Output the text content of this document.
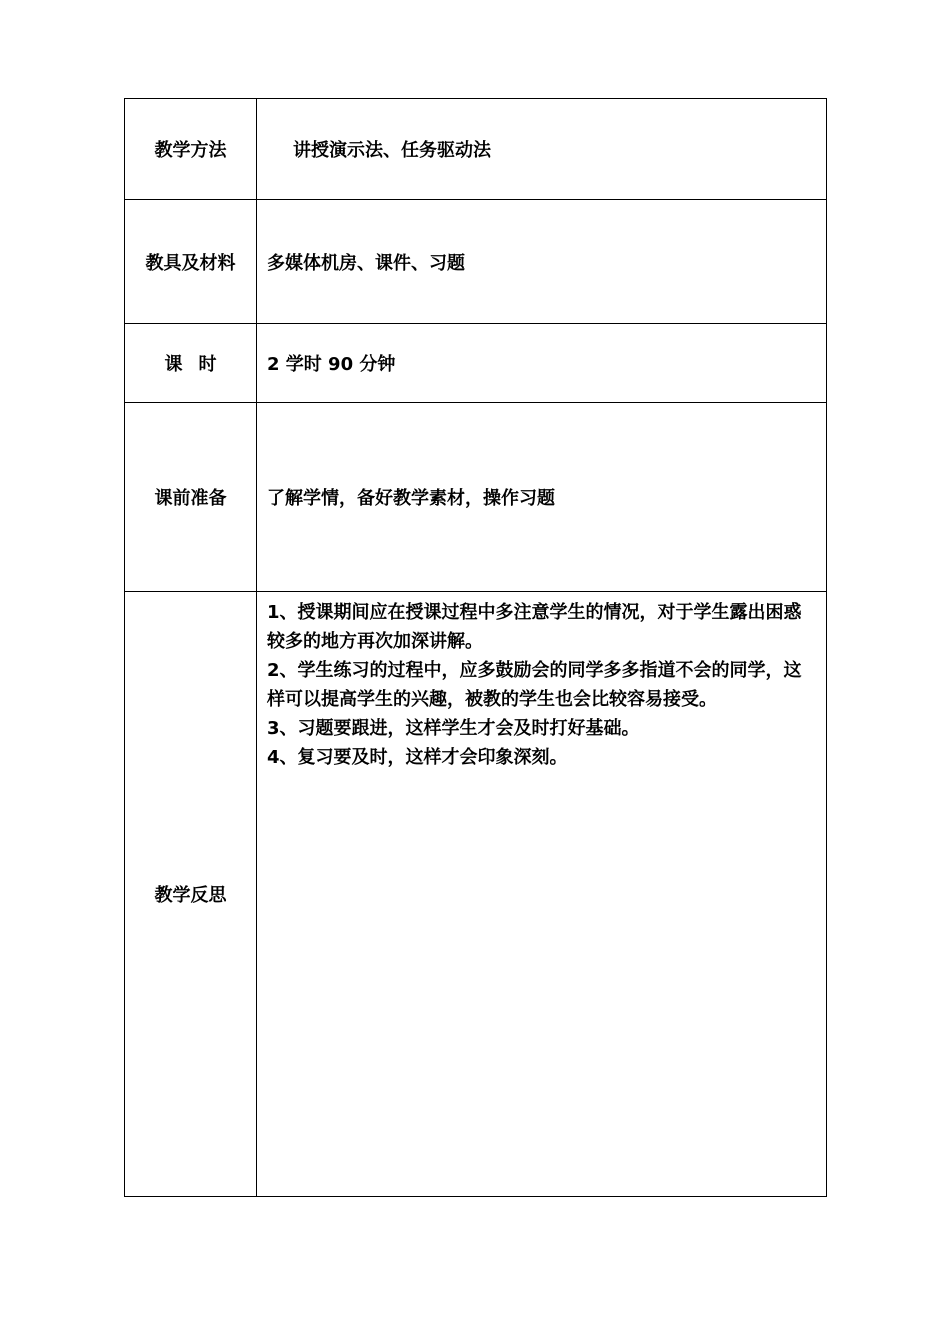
教学方法	讲授演示法、任务驱动法
教具及材料	多媒体机房、课件、习题
课 时	2 学时 90 分钟
课前准备	了解学情，备好教学素材，操作习题
教学反思	1、授课期间应在授课过程中多注意学生的情况，对于学生露出困惑较多的地方再次加深讲解。

2、学生练习的过程中，应多鼓励会的同学多多指道不会的同学，这样可以提高学生的兴趣，被教的学生也会比较容易接受。

3、习题要跟进，这样学生才会及时打好基础。

4、复习要及时，这样才会印象深刻。
